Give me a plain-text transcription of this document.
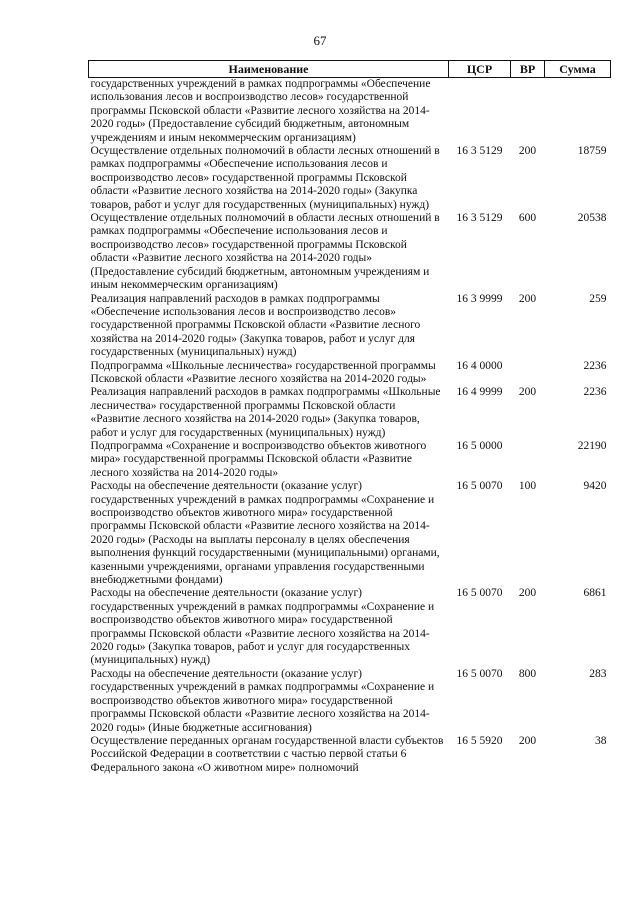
67
Наименование	ЦСР	ВР	Сумма
государственных учреждений в рамках подпрограммы «Обеспечение использования лесов и воспроизводство лесов» государственной программы Псковской области «Развитие лесного хозяйства на 2014-2020 годы» (Предоставление субсидий бюджетным, автономным учреждениям и иным некоммерческим организациям)			
Осуществление отдельных полномочий в области лесных отношений в рамках подпрограммы «Обеспечение использования лесов и воспроизводство лесов» государственной программы Псковской области «Развитие лесного хозяйства на 2014-2020 годы» (Закупка товаров, работ и услуг для государственных (муниципальных) нужд)	16 3 5129	200	18759
Осуществление отдельных полномочий в области лесных отношений в рамках подпрограммы «Обеспечение использования лесов и воспроизводство лесов» государственной программы Псковской области «Развитие лесного хозяйства на 2014-2020 годы» (Предоставление субсидий бюджетным, автономным учреждениям и иным некоммерческим организациям)	16 3 5129	600	20538
Реализация направлений расходов в рамках подпрограммы «Обеспечение использования лесов и воспроизводство лесов» государственной программы Псковской области «Развитие лесного хозяйства на 2014-2020 годы» (Закупка товаров, работ и услуг для государственных (муниципальных) нужд)	16 3 9999	200	259
Подпрограмма «Школьные лесничества» государственной программы Псковской области «Развитие лесного хозяйства на 2014-2020 годы»	16 4 0000		2236
Реализация направлений расходов в рамках подпрограммы «Школьные лесничества» государственной программы Псковской области «Развитие лесного хозяйства на 2014-2020 годы» (Закупка товаров, работ и услуг для государственных (муниципальных) нужд)	16 4 9999	200	2236
Подпрограмма «Сохранение и воспроизводство объектов животного мира» государственной программы Псковской области «Развитие лесного хозяйства на 2014-2020 годы»	16 5 0000		22190
Расходы на обеспечение деятельности (оказание услуг) государственных учреждений в рамках подпрограммы «Сохранение и воспроизводство объектов животного мира» государственной программы Псковской области «Развитие лесного хозяйства на 2014-2020 годы» (Расходы на выплаты персоналу в целях обеспечения выполнения функций государственными (муниципальными) органами, казенными учреждениями, органами управления государственными внебюджетными фондами)	16 5 0070	100	9420
Расходы на обеспечение деятельности (оказание услуг) государственных учреждений в рамках подпрограммы «Сохранение и воспроизводство объектов животного мира» государственной программы Псковской области «Развитие лесного хозяйства на 2014-2020 годы» (Закупка товаров, работ и услуг для государственных (муниципальных) нужд)	16 5 0070	200	6861
Расходы на обеспечение деятельности (оказание услуг) государственных учреждений в рамках подпрограммы «Сохранение и воспроизводство объектов животного мира» государственной программы Псковской области «Развитие лесного хозяйства на 2014-2020 годы» (Иные бюджетные ассигнования)	16 5 0070	800	283
Осуществление переданных органам государственной власти субъектов Российской Федерации в соответствии с частью первой статьи 6 Федерального закона «О животном мире» полномочий	16 5 5920	200	38
